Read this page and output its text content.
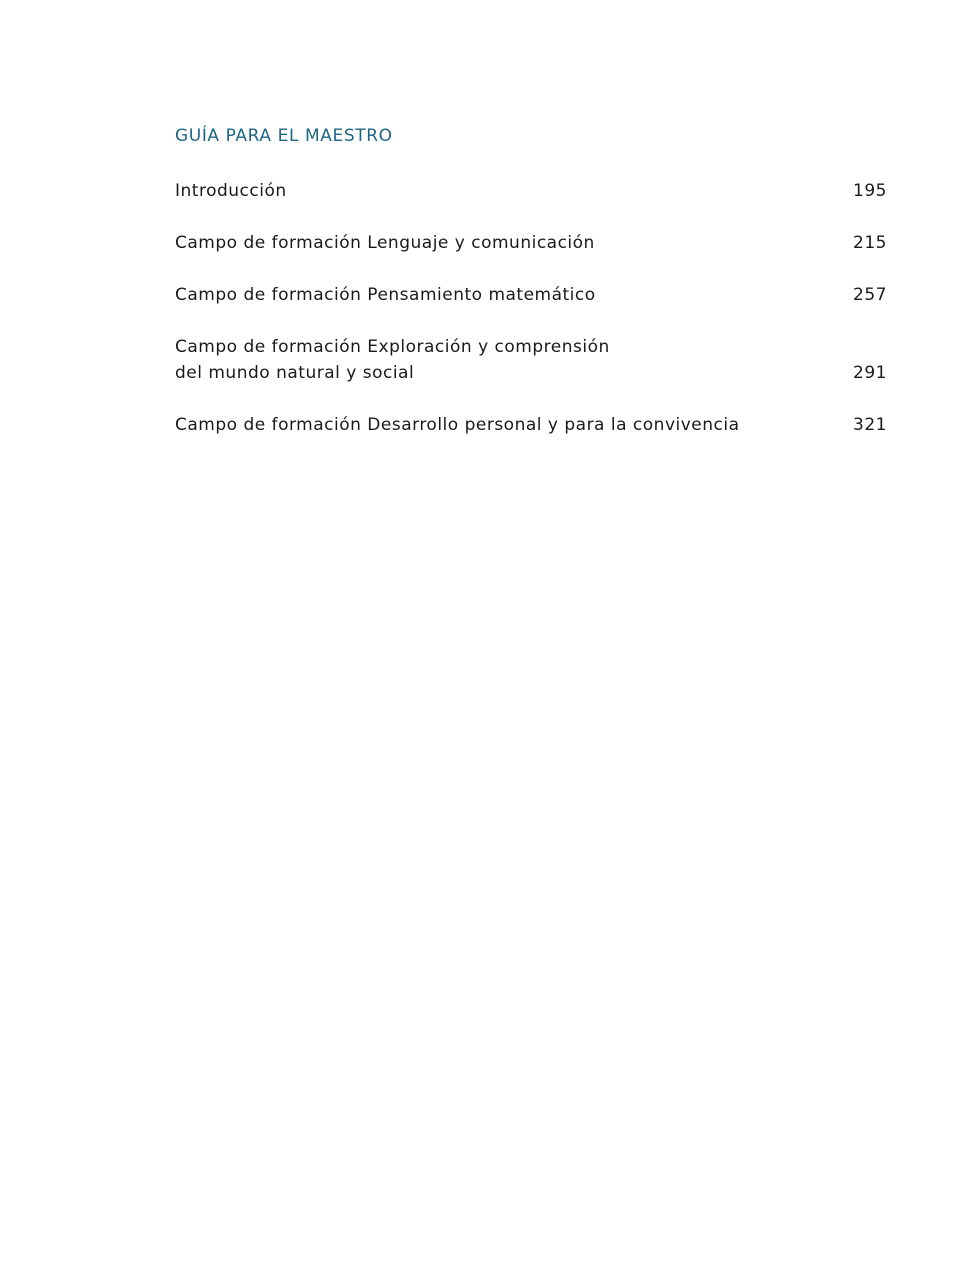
GUÍA PARA EL MAESTRO
Introducción	195
Campo de formación Lenguaje y comunicación	215
Campo de formación Pensamiento matemático	257
Campo de formación Exploración y comprensión
del mundo natural y social	291
Campo de formación Desarrollo personal y para la convivencia	321
